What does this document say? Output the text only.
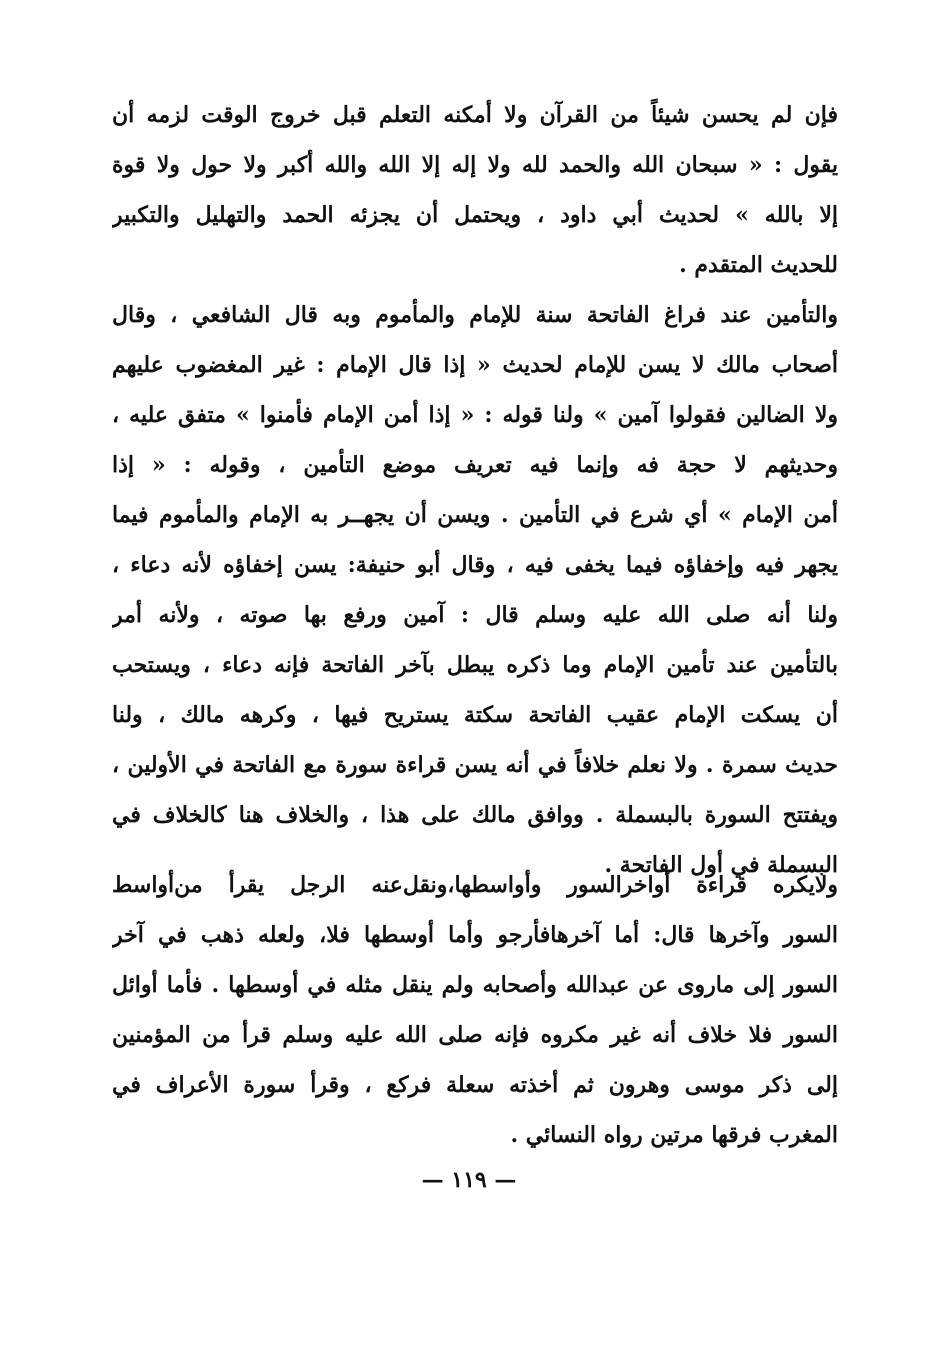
فإن لم يحسن شيئاً من القرآن ولا أمكنه التعلم قبل خروج الوقت لزمه أن
يقول : « سبحان الله والحمد لله ولا إله إلا الله والله أكبر ولا حول ولا قوة
إلا بالله » لحديث أبي داود ، ويحتمل أن يجزئه الحمد والتهليل والتكبير
للحديث المتقدم .
والتأمين عند فراغ الفاتحة سنة للإمام والمأموم وبه قال الشافعي ، وقال
أصحاب مالك لا يسن للإمام لحديث « إذا قال الإمام : غير المغضوب عليهم
ولا الضالين فقولوا آمين » ولنا قوله : « إذا أمن الإمام فأمنوا » متفق عليه ،
وحديثهم لا حجة فه وإنما فيه تعريف موضع التأمين ، وقوله : « إذا
أمن الإمام » أي شرع في التأمين . ويسن أن يجهــر به الإمام والمأموم فيما
يجهر فيه وإخفاؤه فيما يخفى فيه ، وقال أبو حنيفة: يسن إخفاؤه لأنه دعاء ،
ولنا أنه صلى الله عليه وسلم قال : آمين ورفع بها صوته ، ولأنه أمر
بالتأمين عند تأمين الإمام وما ذكره يبطل بآخر الفاتحة فإنه دعاء ، ويستحب
أن يسكت الإمام عقيب الفاتحة سكتة يستريح فيها ، وكرهه مالك ، ولنا
حديث سمرة . ولا نعلم خلافاً في أنه يسن قراءة سورة مع الفاتحة في الأولين ،
ويفتتح السورة بالبسملة . ووافق مالك على هذا ، والخلاف هنا كالخلاف في
البسملة في أول الفاتحة .
ولايكره قراءة أواخرالسور وأواسطها،ونقل‌عنه الرجل يقرأ من‌أواسط
السور وآخرها قال: أما آخرهافأرجو وأما أوسطها فلا، ولعله ذهب في آخر
السور إلى ماروى عن عبدالله وأصحابه ولم ينقل مثله في أوسطها . فأما أوائل
السور فلا خلاف أنه غير مكروه فإنه صلى الله عليه وسلم قرأ من المؤمنين
إلى ذكر موسى وهرون ثم أخذته سعلة فركع ، وقرأ سورة الأعراف في
المغرب فرقها مرتين رواه النسائي .
— ١١٩ —
